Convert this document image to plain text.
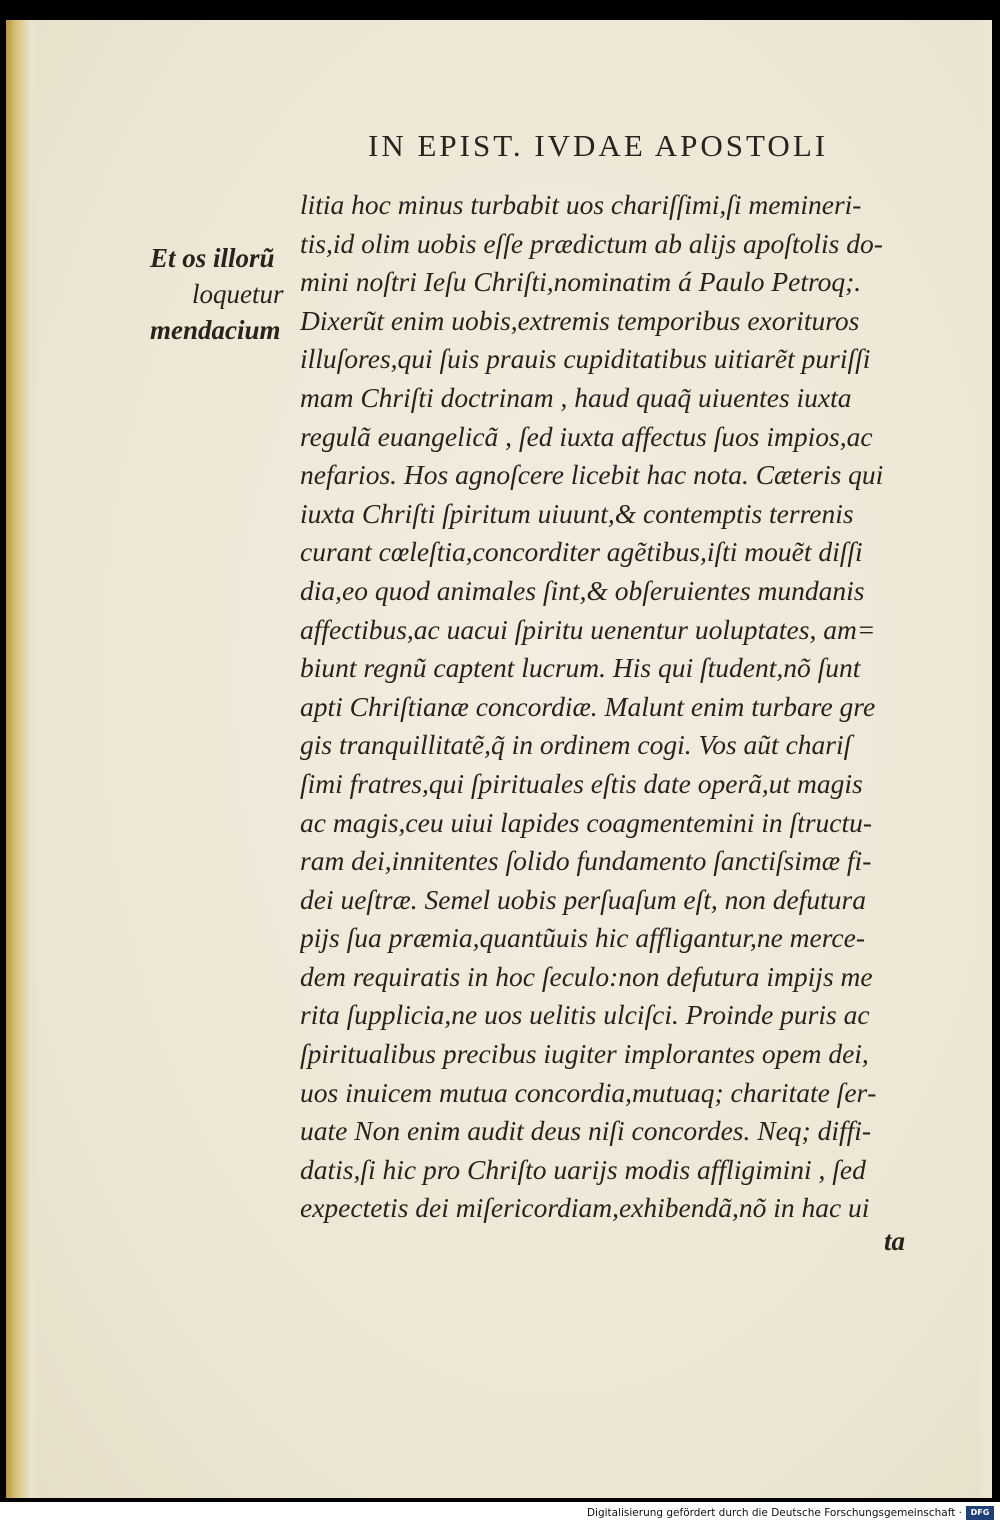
IN EPIST. IVDAE APOSTOLI
Et os illorũ
loquetur
mendacium
litia hoc minus turbabit uos chariſſimi,ſi memineri‑
tis,id olim uobis eſſe prædictum ab alijs apoſtolis do‑
mini noſtri Ieſu Chriſti,nominatim á Paulo Petroq;.
Dixerũt enim uobis,extremis temporibus exorituros
illuſores,qui ſuis prauis cupiditatibus uitiarẽt puriſſi
mam Chriſti doctrinam , haud quaq̃ uiuentes iuxta
regulã euangelicã , ſed iuxta affectus ſuos impios,ac
nefarios. Hos agnoſcere licebit hac nota. Cæteris qui
iuxta Chriſti ſpiritum uiuunt,& contemptis terrenis
curant cœleſtia,concorditer agẽtibus,iſti mouẽt diſſi
dia,eo quod animales ſint,& obſeruientes mundanis
affectibus,ac uacui ſpiritu uenentur uoluptates, am=
biunt regnũ captent lucrum. His qui ſtudent,nõ ſunt
apti Chriſtianæ concordiæ. Malunt enim turbare gre
gis tranquillitatẽ,q̃ in ordinem cogi. Vos aũt chariſ
ſimi fratres,qui ſpirituales eſtis date operã,ut magis
ac magis,ceu uiui lapides coagmentemini in ſtructu‑
ram dei,innitentes ſolido fundamento ſanctiſsimæ fi‑
dei ueſtræ. Semel uobis perſuaſum eſt, non defutura
pijs ſua præmia,quantũuis hic affligantur,ne merce‑
dem requiratis in hoc ſeculo:non defutura impijs me
rita ſupplicia,ne uos uelitis ulciſci. Proinde puris ac
ſpiritualibus precibus iugiter implorantes opem dei,
uos inuicem mutua concordia,mutuaq; charitate ſer‑
uate Non enim audit deus niſi concordes. Neq; diffi‑
datis,ſi hic pro Chriſto uarijs modis affligimini , ſed
expectetis dei miſericordiam,exhibendã,nõ in hac ui
ta
Digitalisierung gefördert durch die Deutsche Forschungsgemeinschaft ·	DFG
